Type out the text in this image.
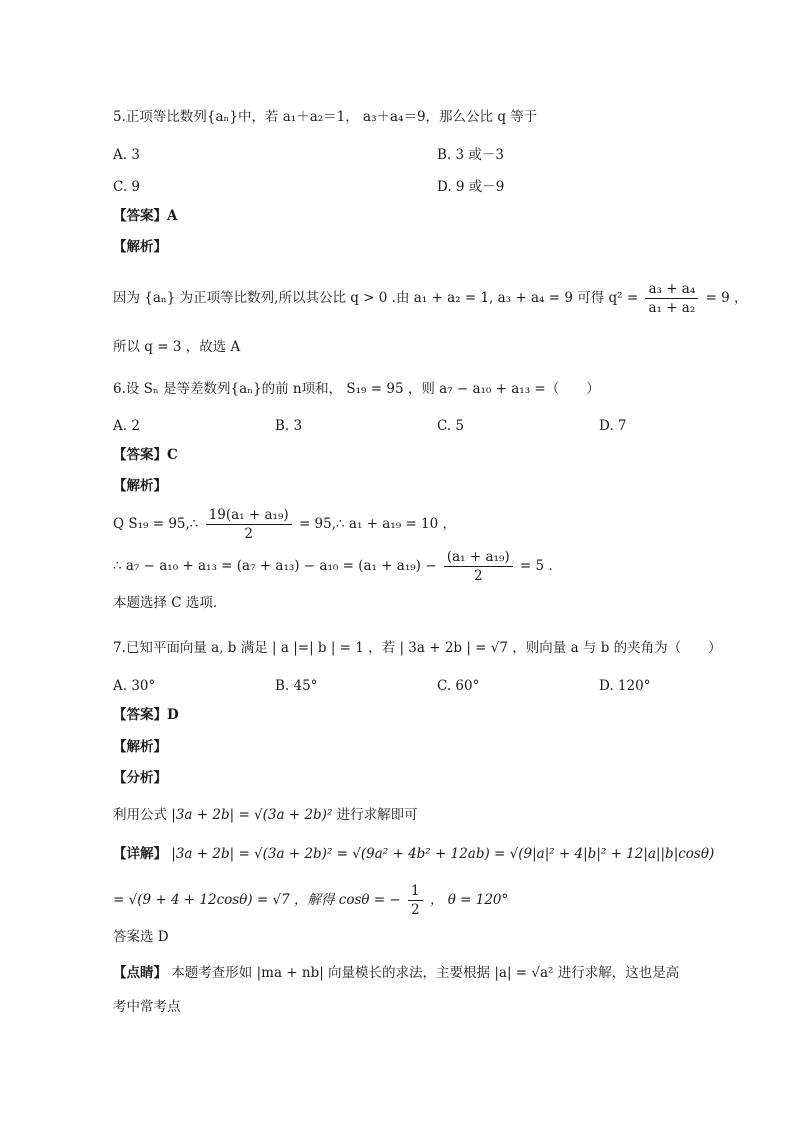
5.正项等比数列{aₙ}中，若 a₁＋a₂＝1， a₃＋a₄＝9，那么公比 q 等于
A. 3	B. 3 或－3
C. 9	D. 9 或－9
【答案】A
【解析】
因为 {aₙ} 为正项等比数列,所以其公比 q > 0 .由 a₁ + a₂ = 1, a₃ + a₄ = 9 可得 $q^2 = \frac{\text{a₃ + a₄}}{\text{a₁ + a₂}} = 9$ ，
所以 q = 3 ，故选 A
6.设 Sₙ 是等差数列{aₙ}的前 n项和， S₁₉ = 95 ，则 a₇ − a₁₀ + a₁₃ =（　　）
A. 2	B. 3	C. 5	D. 7
【答案】C
【解析】
Q S₁₉ = 95,∴ $\frac{\text{19(a₁ + a₁₉)}}{2}$ = 95,∴ a₁ + a₁₉ = 10 ，
∴ $a_7 - a_{10} + a_{13} = (a_7 + a_{13}) - a_{10} = (a_1 + a_{19}) - \frac{\text{(a₁ + a₁₉)}}{2} = 5$ .
本题选择 C 选项.
7.已知平面向量 a, b 满足 | a |=| b | = 1 ，若 | 3a + 2b | = √7 ，则向量 a 与 b 的夹角为（　　）
A. 30°	B. 45°	C. 60°	D. 120°
【答案】D
【解析】
【分析】
利用公式 |3a + 2b| = √(3a + 2b)² 进行求解即可
【详解】 |3a + 2b| = √(3a + 2b)² = √(9a² + 4b² + 12ab) = √(9|a|² + 4|b|² + 12|a||b|cosθ)
= √(9 + 4 + 12cosθ) = √7 ，解得 cosθ = − $\frac{1}{2}$ ， θ = 120°
答案选 D
【点睛】 本题考查形如 |ma + nb| 向量模长的求法，主要根据 |a| = √a² 进行求解，这也是高
考中常考点
